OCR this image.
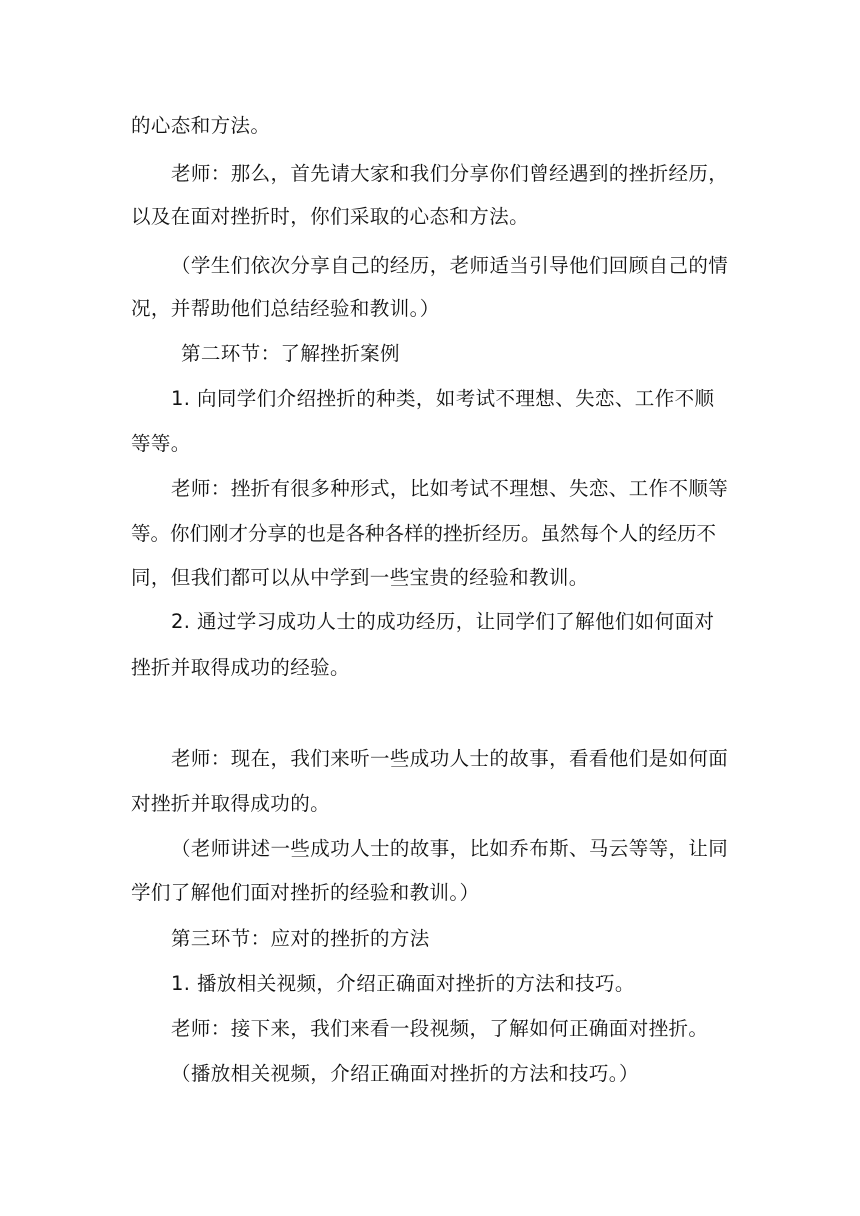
的心态和方法。
老师：那么，首先请大家和我们分享你们曾经遇到的挫折经历，
以及在面对挫折时，你们采取的心态和方法。
（学生们依次分享自己的经历，老师适当引导他们回顾自己的情
况，并帮助他们总结经验和教训。）
第二环节：了解挫折案例
1. 向同学们介绍挫折的种类，如考试不理想、失恋、工作不顺
等等。
老师：挫折有很多种形式，比如考试不理想、失恋、工作不顺等
等。你们刚才分享的也是各种各样的挫折经历。虽然每个人的经历不
同，但我们都可以从中学到一些宝贵的经验和教训。
2. 通过学习成功人士的成功经历，让同学们了解他们如何面对
挫折并取得成功的经验。
老师：现在，我们来听一些成功人士的故事，看看他们是如何面
对挫折并取得成功的。
（老师讲述一些成功人士的故事，比如乔布斯、马云等等，让同
学们了解他们面对挫折的经验和教训。）
第三环节：应对的挫折的方法
1. 播放相关视频，介绍正确面对挫折的方法和技巧。
老师：接下来，我们来看一段视频，了解如何正确面对挫折。
（播放相关视频，介绍正确面对挫折的方法和技巧。）
